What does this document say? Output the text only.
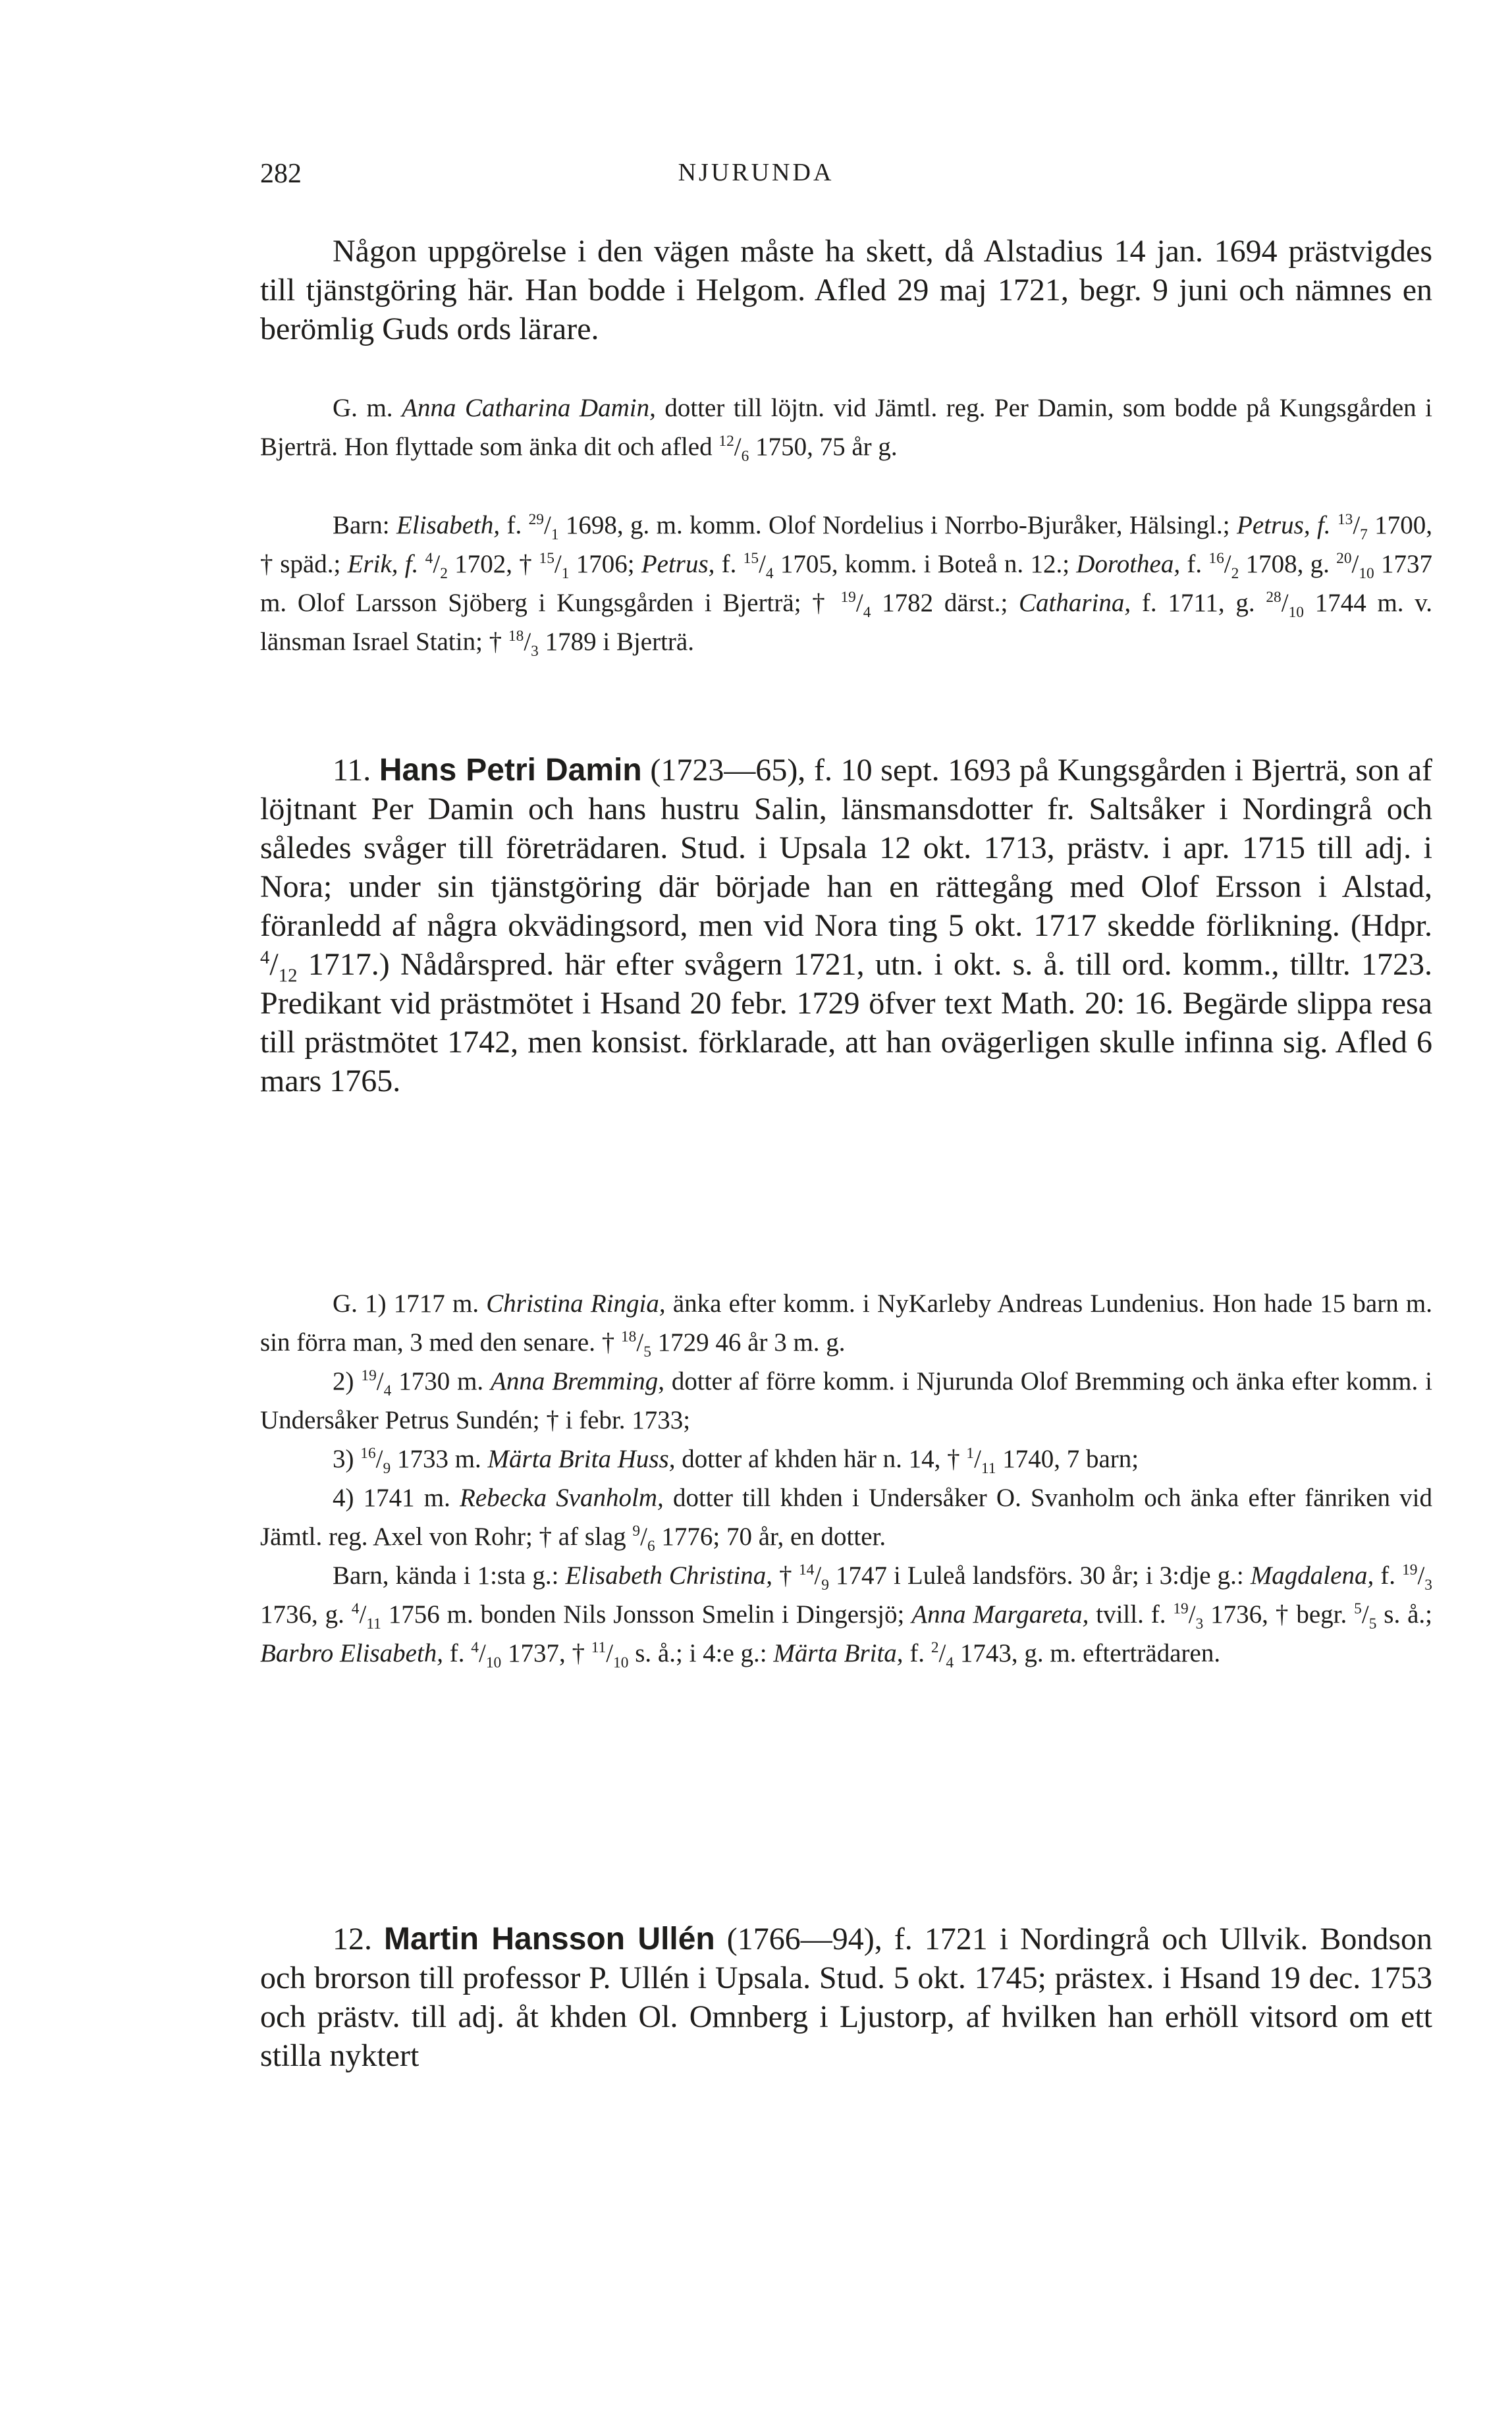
282	NJURUNDA

Någon uppgörelse i den vägen måste ha skett, då Alstadius 14 jan. 1694 prästvigdes till tjänstgöring här. Han bodde i Helgom. Afled 29 maj 1721, begr. 9 juni och nämnes en berömlig Guds ords lärare.

G. m. Anna Catharina Damin, dotter till löjtn. vid Jämtl. reg. Per Damin, som bodde på Kungsgården i Bjerträ. Hon flyttade som änka dit och afled $^{12}/_6$ 1750, 75 år g.

Barn: Elisabeth, f. $^{29}/_1$ 1698, g. m. komm. Olof Nordelius i Norrbo-Bjuråker, Hälsingl.; Petrus, f. $^{13}/_7$ 1700, † späd.; Erik, f. $^4/_2$ 1702, † $^{15}/_1$ 1706; Petrus, f. $^{15}/_4$ 1705, komm. i Boteå n. 12.; Dorothea, f. $^{16}/_2$ 1708, g. $^{20}/_{10}$ 1737 m. Olof Larsson Sjöberg i Kungsgården i Bjerträ; † $^{19}/_4$ 1782 därst.; Catharina, f. 1711, g. $^{28}/_{10}$ 1744 m. v. länsman Israel Statin; † $^{18}/_3$ 1789 i Bjerträ.

11. Hans Petri Damin (1723—65), f. 10 sept. 1693 på Kungsgården i Bjerträ, son af löjtnant Per Damin och hans hustru Salin, länsmansdotter fr. Saltsåker i Nordingrå och således svåger till företrädaren. Stud. i Upsala 12 okt. 1713, prästv. i apr. 1715 till adj. i Nora; under sin tjänstgöring där började han en rättegång med Olof Ersson i Alstad, föranledd af några okvädingsord, men vid Nora ting 5 okt. 1717 skedde förlikning. (Hdpr. $^4/_{12}$ 1717.) Nådårspred. här efter svågern 1721, utn. i okt. s. å. till ord. komm., tilltr. 1723. Predikant vid prästmötet i Hsand 20 febr. 1729 öfver text Math. 20: 16. Begärde slippa resa till prästmötet 1742, men konsist. förklarade, att han ovägerligen skulle infinna sig. Afled 6 mars 1765.

G. 1) 1717 m. Christina Ringia, änka efter komm. i NyKarleby Andreas Lundenius. Hon hade 15 barn m. sin förra man, 3 med den senare. † $^{18}/_5$ 1729 46 år 3 m. g.

2) $^{19}/_4$ 1730 m. Anna Bremming, dotter af förre komm. i Njurunda Olof Bremming och änka efter komm. i Undersåker Petrus Sundén; † i febr. 1733;

3) $^{16}/_9$ 1733 m. Märta Brita Huss, dotter af khden här n. 14, † $^1/_{11}$ 1740, 7 barn;

4) 1741 m. Rebecka Svanholm, dotter till khden i Undersåker O. Svanholm och änka efter fänriken vid Jämtl. reg. Axel von Rohr; † af slag $^9/_6$ 1776; 70 år, en dotter.

Barn, kända i 1:sta g.: Elisabeth Christina, † $^{14}/_9$ 1747 i Luleå landsförs. 30 år; i 3:dje g.: Magdalena, f. $^{19}/_3$ 1736, g. $^4/_{11}$ 1756 m. bonden Nils Jonsson Smelin i Dingersjö; Anna Margareta, tvill. f. $^{19}/_3$ 1736, † begr. $^5/_5$ s. å.; Barbro Elisabeth, f. $^4/_{10}$ 1737, † $^{11}/_{10}$ s. å.; i 4:e g.: Märta Brita, f. $^2/_4$ 1743, g. m. efterträdaren.

12. Martin Hansson Ullén (1766—94), f. 1721 i Nordingrå och Ullvik. Bondson och brorson till professor P. Ullén i Upsala. Stud. 5 okt. 1745; prästex. i Hsand 19 dec. 1753 och prästv. till adj. åt khden Ol. Omnberg i Ljustorp, af hvilken han erhöll vitsord om ett stilla nyktert
